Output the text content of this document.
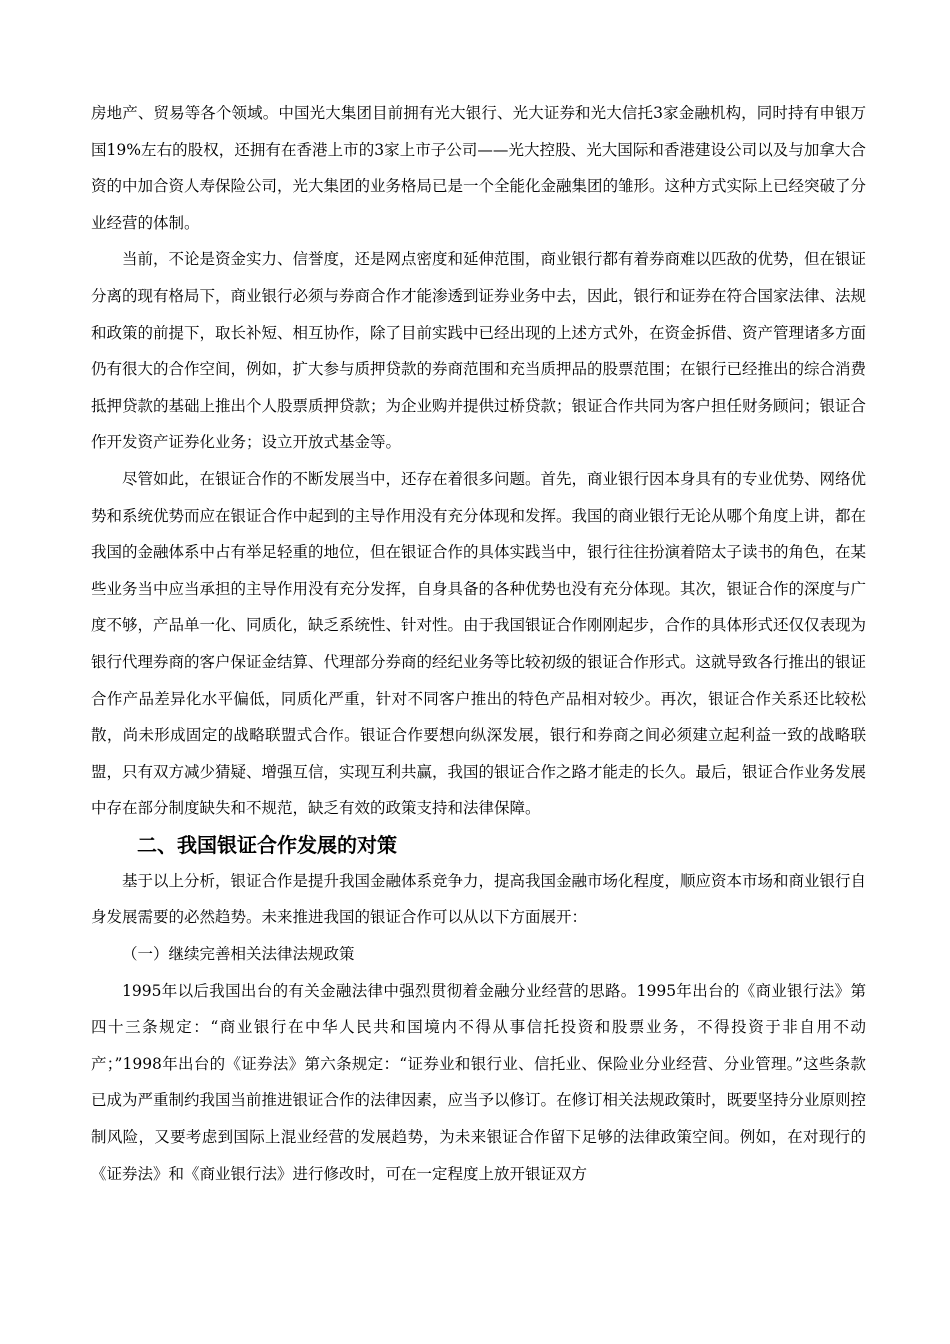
房地产、贸易等各个领域。中国光大集团目前拥有光大银行、光大证券和光大信托3家金融机构，同时持有申银万国19%左右的股权，还拥有在香港上市的3家上市子公司——光大控股、光大国际和香港建设公司以及与加拿大合资的中加合资人寿保险公司，光大集团的业务格局已是一个全能化金融集团的雏形。这种方式实际上已经突破了分业经营的体制。

当前，不论是资金实力、信誉度，还是网点密度和延伸范围，商业银行都有着券商难以匹敌的优势，但在银证分离的现有格局下，商业银行必须与券商合作才能渗透到证券业务中去，因此，银行和证券在符合国家法律、法规和政策的前提下，取长补短、相互协作，除了目前实践中已经出现的上述方式外，在资金拆借、资产管理诸多方面仍有很大的合作空间，例如，扩大参与质押贷款的券商范围和充当质押品的股票范围；在银行已经推出的综合消费抵押贷款的基础上推出个人股票质押贷款；为企业购并提供过桥贷款；银证合作共同为客户担任财务顾问；银证合作开发资产证券化业务；设立开放式基金等。

尽管如此，在银证合作的不断发展当中，还存在着很多问题。首先，商业银行因本身具有的专业优势、网络优势和系统优势而应在银证合作中起到的主导作用没有充分体现和发挥。我国的商业银行无论从哪个角度上讲，都在我国的金融体系中占有举足轻重的地位，但在银证合作的具体实践当中，银行往往扮演着陪太子读书的角色，在某些业务当中应当承担的主导作用没有充分发挥，自身具备的各种优势也没有充分体现。其次，银证合作的深度与广度不够，产品单一化、同质化，缺乏系统性、针对性。由于我国银证合作刚刚起步，合作的具体形式还仅仅表现为银行代理券商的客户保证金结算、代理部分券商的经纪业务等比较初级的银证合作形式。这就导致各行推出的银证合作产品差异化水平偏低，同质化严重，针对不同客户推出的特色产品相对较少。再次，银证合作关系还比较松散，尚未形成固定的战略联盟式合作。银证合作要想向纵深发展，银行和券商之间必须建立起利益一致的战略联盟，只有双方减少猜疑、增强互信，实现互利共赢，我国的银证合作之路才能走的长久。最后，银证合作业务发展中存在部分制度缺失和不规范，缺乏有效的政策支持和法律保障。

二、我国银证合作发展的对策

基于以上分析，银证合作是提升我国金融体系竞争力，提高我国金融市场化程度，顺应资本市场和商业银行自身发展需要的必然趋势。未来推进我国的银证合作可以从以下方面展开：

（一）继续完善相关法律法规政策

1995年以后我国出台的有关金融法律中强烈贯彻着金融分业经营的思路。1995年出台的《商业银行法》第四十三条规定：“商业银行在中华人民共和国境内不得从事信托投资和股票业务，不得投资于非自用不动产；”1998年出台的《证券法》第六条规定：“证券业和银行业、信托业、保险业分业经营、分业管理。”这些条款已成为严重制约我国当前推进银证合作的法律因素，应当予以修订。在修订相关法规政策时，既要坚持分业原则控制风险，又要考虑到国际上混业经营的发展趋势，为未来银证合作留下足够的法律政策空间。例如，在对现行的《证券法》和《商业银行法》进行修改时，可在一定程度上放开银证双方
